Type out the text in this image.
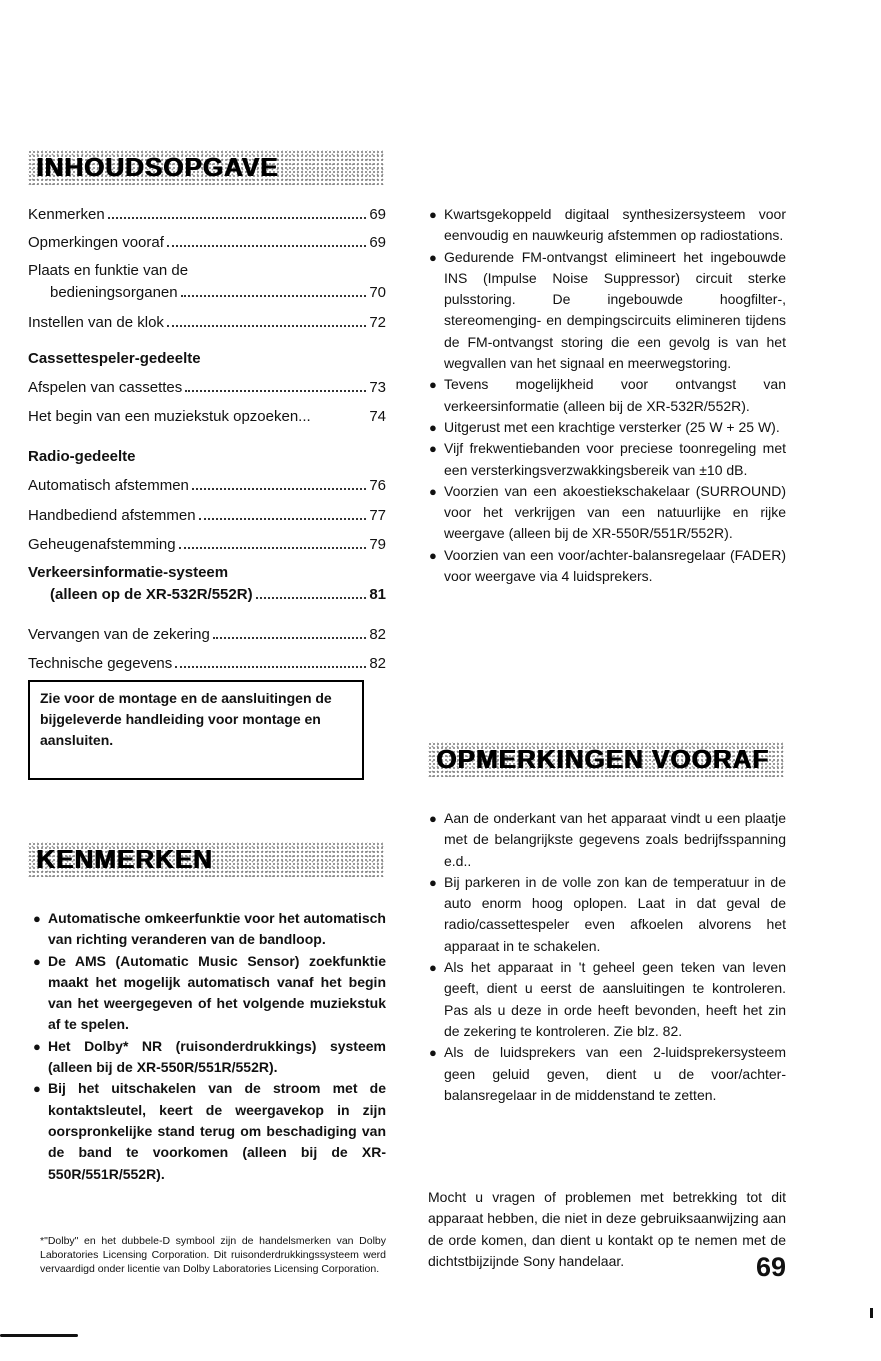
INHOUDSOPGAVE
Kenmerken	69
Opmerkingen vooraf	69
Plaats en funktie van de
bedieningsorganen	70
Instellen van de klok	72
Cassettespeler-gedeelte
Afspelen van cassettes	73
Het begin van een muziekstuk opzoeken...	74
Radio-gedeelte
Automatisch afstemmen	76
Handbediend afstemmen	77
Geheugenafstemming	79
Verkeersinformatie-systeem
(alleen op de XR-532R/552R)	81
Vervangen van de zekering	82
Technische gegevens	82
Zie voor de montage en de aansluitingen de bijgeleverde handleiding voor montage en aansluiten.
KENMERKEN
● Automatische omkeerfunktie voor het automatisch van richting veranderen van de bandloop.
● De AMS (Automatic Music Sensor) zoekfunktie maakt het mogelijk automatisch vanaf het begin van het weergegeven of het volgende muziekstuk af te spelen.
● Het Dolby* NR (ruisonderdrukkings) systeem (alleen bij de XR-550R/551R/552R).
● Bij het uitschakelen van de stroom met de kontaktsleutel, keert de weergavekop in zijn oorspronkelijke stand terug om beschadiging van de band te voorkomen (alleen bij de XR-550R/551R/552R).
*"Dolby" en het dubbele-D symbool zijn de handelsmerken van Dolby Laboratories Licensing Corporation. Dit ruisonderdrukkingssysteem werd vervaardigd onder licentie van Dolby Laboratories Licensing Corporation.
● Kwartsgekoppeld digitaal synthesizersysteem voor eenvoudig en nauwkeurig afstemmen op radiostations.
● Gedurende FM-ontvangst elimineert het ingebouwde INS (Impulse Noise Suppressor) circuit sterke pulsstoring. De ingebouwde hoogfilter-, stereomenging- en dempingscircuits elimineren tijdens de FM-ontvangst storing die een gevolg is van het wegvallen van het signaal en meerwegstoring.
● Tevens mogelijkheid voor ontvangst van verkeersinformatie (alleen bij de XR-532R/552R).
● Uitgerust met een krachtige versterker (25 W + 25 W).
● Vijf frekwentiebanden voor preciese toonregeling met een versterkingsverzwakkingsbereik van ±10 dB.
● Voorzien van een akoestiekschakelaar (SURROUND) voor het verkrijgen van een natuurlijke en rijke weergave (alleen bij de XR-550R/551R/552R).
● Voorzien van een voor/achter-balansregelaar (FADER) voor weergave via 4 luidsprekers.
OPMERKINGEN VOORAF
● Aan de onderkant van het apparaat vindt u een plaatje met de belangrijkste gegevens zoals bedrijfsspanning e.d..
● Bij parkeren in de volle zon kan de temperatuur in de auto enorm hoog oplopen. Laat in dat geval de radio/cassettespeler even afkoelen alvorens het apparaat in te schakelen.
● Als het apparaat in 't geheel geen teken van leven geeft, dient u eerst de aansluitingen te kontroleren. Pas als u deze in orde heeft bevonden, heeft het zin de zekering te kontroleren. Zie blz. 82.
● Als de luidsprekers van een 2-luidsprekersysteem geen geluid geven, dient u de voor/achter-balansregelaar in de middenstand te zetten.
Mocht u vragen of problemen met betrekking tot dit apparaat hebben, die niet in deze gebruiksaanwijzing aan de orde komen, dan dient u kontakt op te nemen met de dichtstbijzijnde Sony handelaar.	69
